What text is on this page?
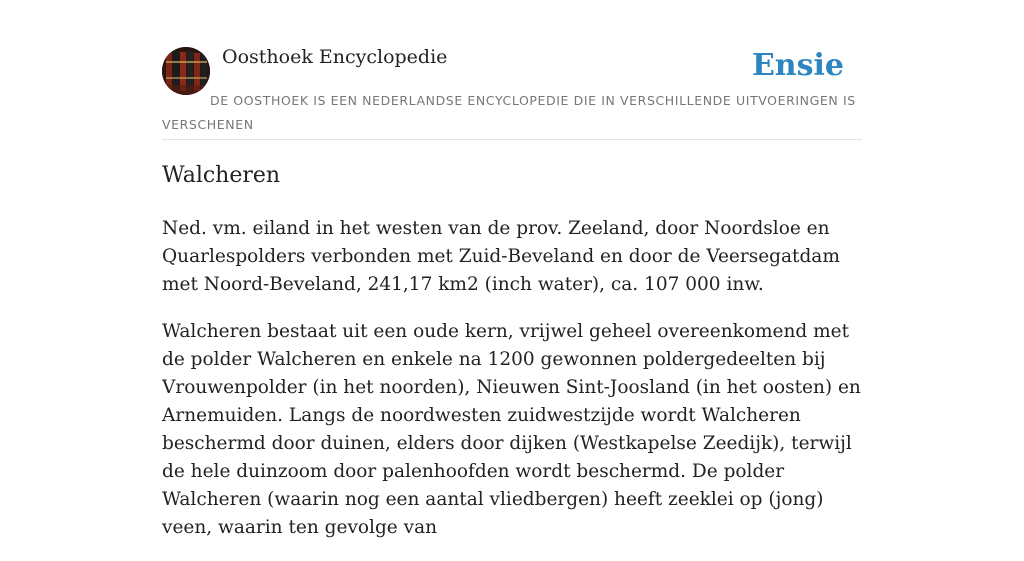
Oosthoek Encyclopedie	Ensie
DE OOSTHOEK IS EEN NEDERLANDSE ENCYCLOPEDIE DIE IN VERSCHILLENDE UITVOERINGEN IS VERSCHENEN
Walcheren

Ned. vm. eiland in het westen van de prov. Zeeland, door Noordsloe en Quarlespolders verbonden met Zuid-Beveland en door de Veersegatdam met Noord-Beveland, 241,17 km2 (inch water), ca. 107 000 inw.

Walcheren bestaat uit een oude kern, vrijwel geheel overeenkomend met de polder Walcheren en enkele na 1200 gewonnen poldergedeelten bij Vrouwenpolder (in het noorden), Nieuwen Sint-Joosland (in het oosten) en Arnemuiden. Langs de noordwesten zuidwestzijde wordt Walcheren beschermd door duinen, elders door dijken (Westkapelse Zeedijk), terwijl de hele duinzoom door palenhoofden wordt beschermd. De polder Walcheren (waarin nog een aantal vliedbergen) heeft zeeklei op (jong) veen, waarin ten gevolge van
